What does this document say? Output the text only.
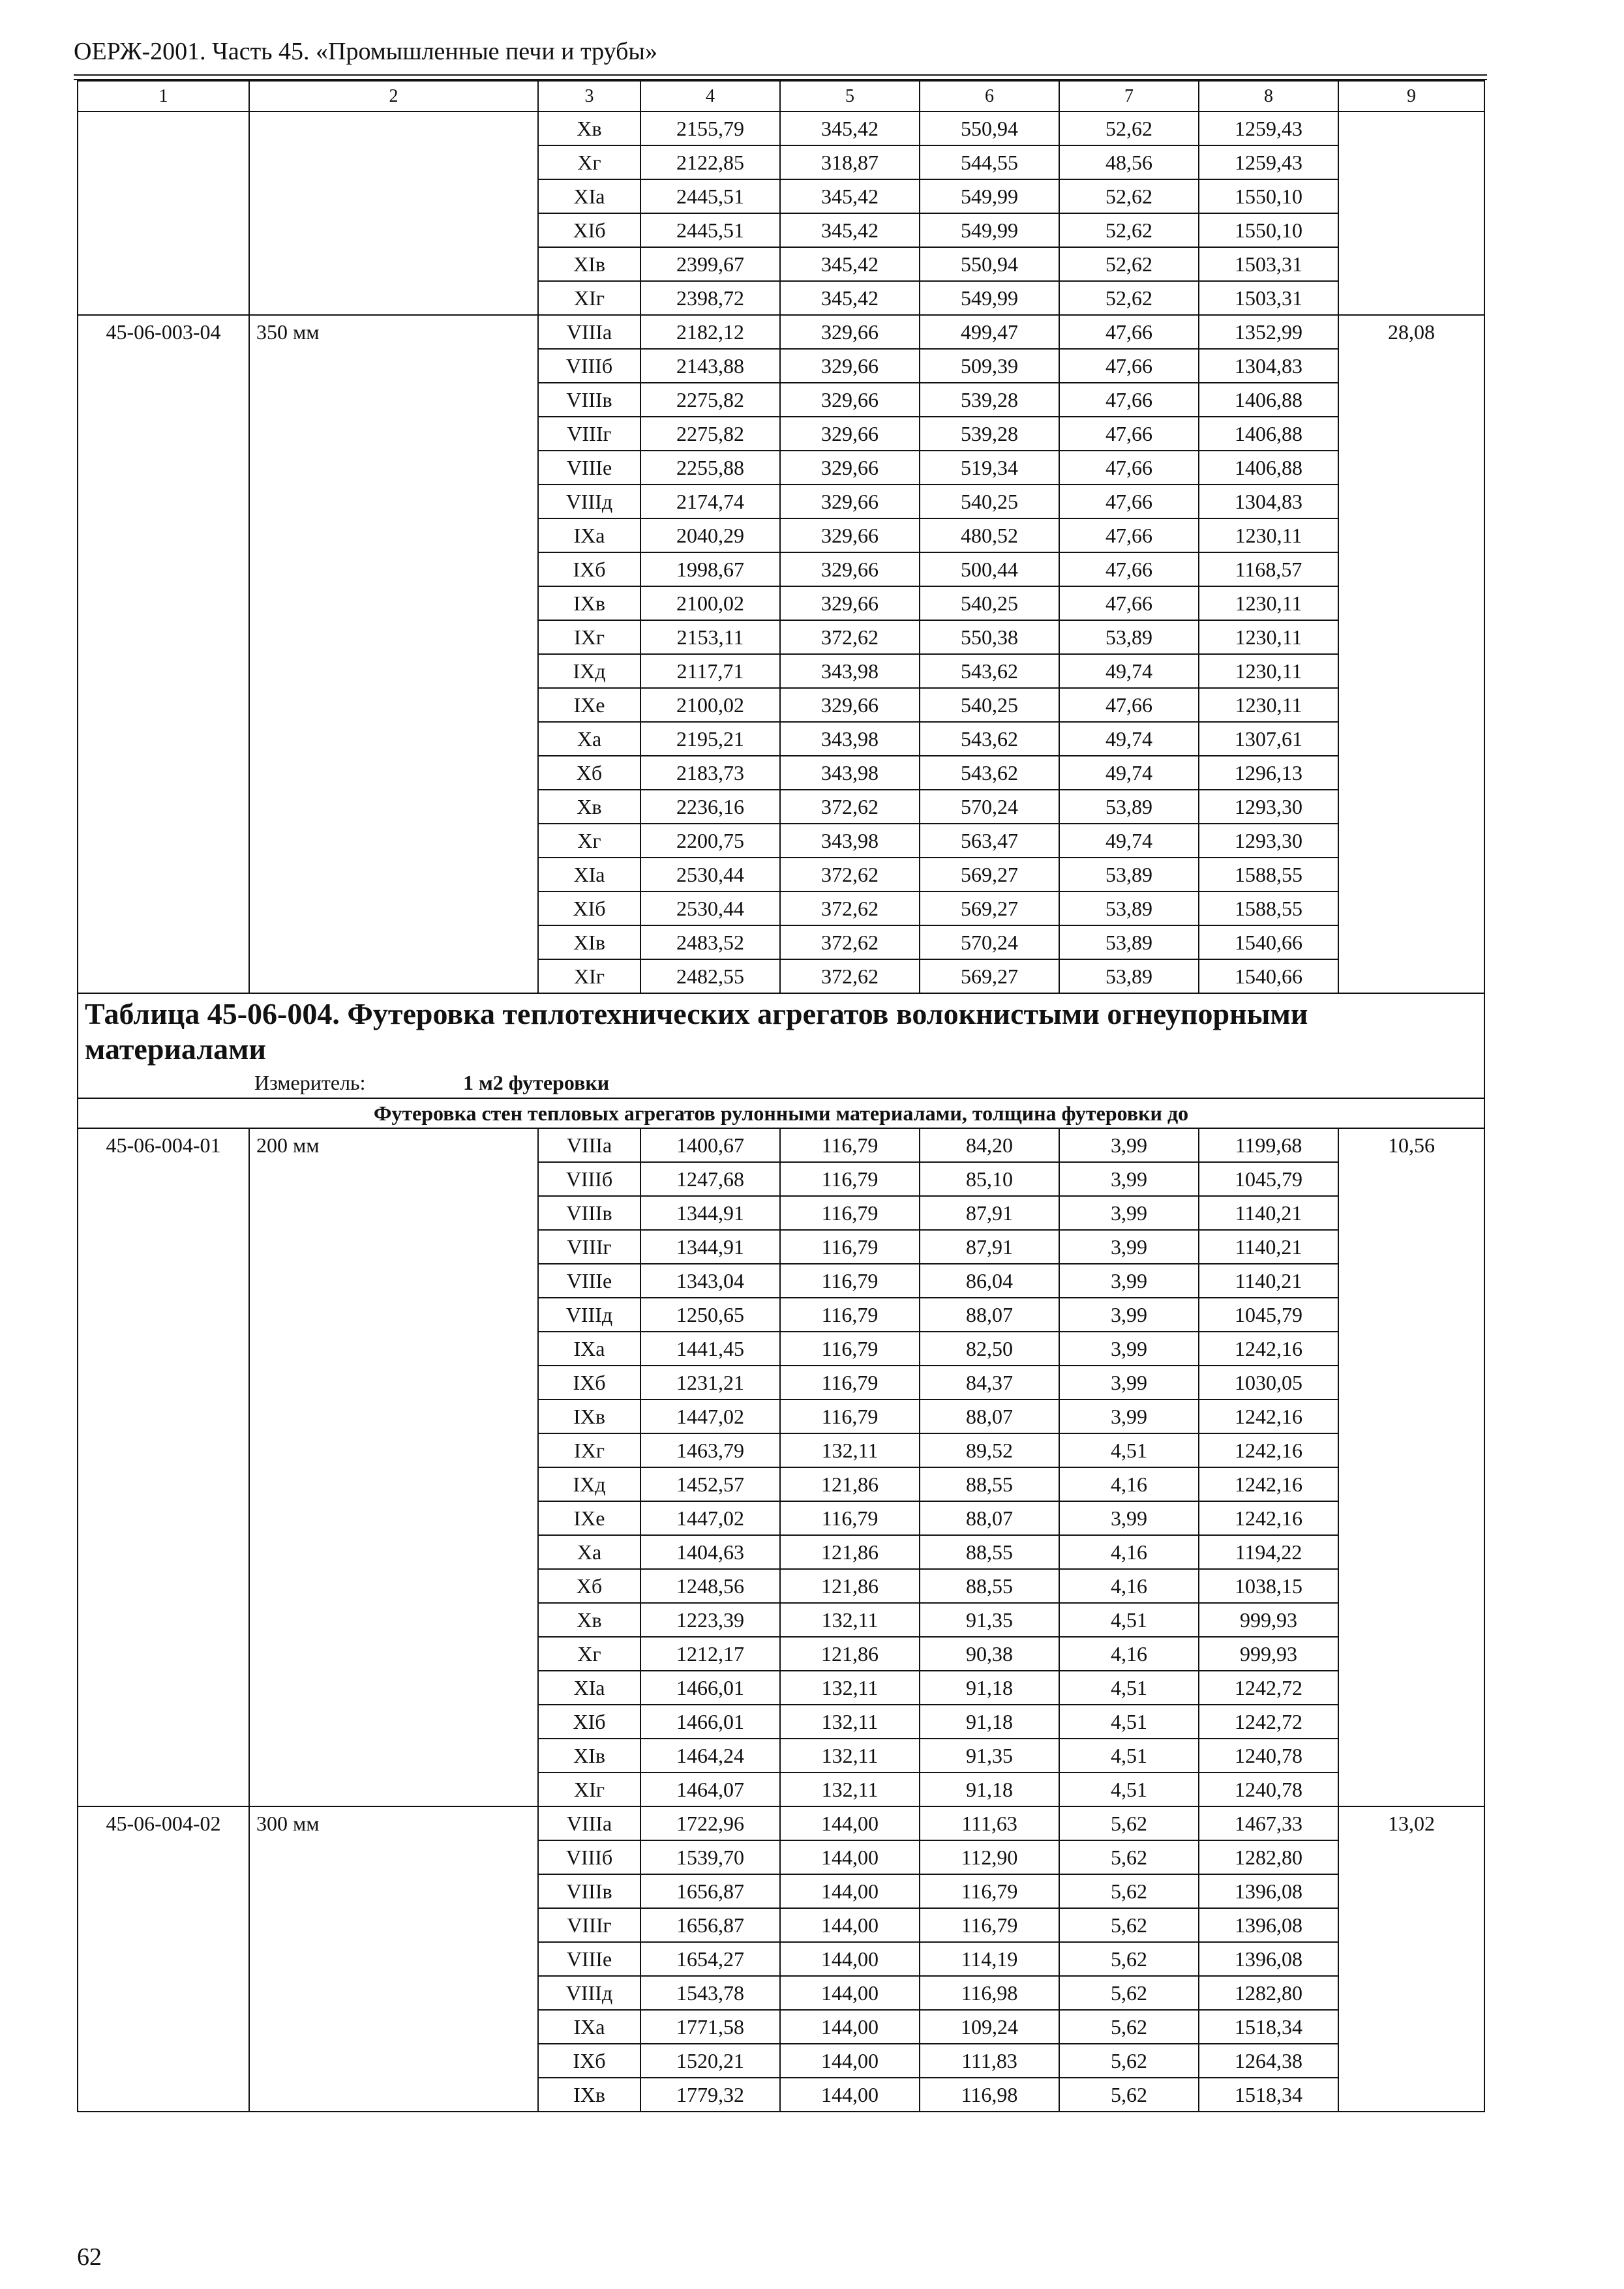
ОЕРЖ-2001. Часть 45. «Промышленные печи и трубы»
1	2	3	4	5	6	7	8	9
		Xв	2155,79	345,42	550,94	52,62	1259,43	
		Xг	2122,85	318,87	544,55	48,56	1259,43	
		XIа	2445,51	345,42	549,99	52,62	1550,10	
		XIб	2445,51	345,42	549,99	52,62	1550,10	
		XIв	2399,67	345,42	550,94	52,62	1503,31	
		XIг	2398,72	345,42	549,99	52,62	1503,31	
45-06-003-04	350 мм	VIIIа	2182,12	329,66	499,47	47,66	1352,99	28,08
		VIIIб	2143,88	329,66	509,39	47,66	1304,83	
		VIIIв	2275,82	329,66	539,28	47,66	1406,88	
		VIIIг	2275,82	329,66	539,28	47,66	1406,88	
		VIIIе	2255,88	329,66	519,34	47,66	1406,88	
		VIIIд	2174,74	329,66	540,25	47,66	1304,83	
		IXа	2040,29	329,66	480,52	47,66	1230,11	
		IXб	1998,67	329,66	500,44	47,66	1168,57	
		IXв	2100,02	329,66	540,25	47,66	1230,11	
		IXг	2153,11	372,62	550,38	53,89	1230,11	
		IXд	2117,71	343,98	543,62	49,74	1230,11	
		IXе	2100,02	329,66	540,25	47,66	1230,11	
		Xа	2195,21	343,98	543,62	49,74	1307,61	
		Xб	2183,73	343,98	543,62	49,74	1296,13	
		Xв	2236,16	372,62	570,24	53,89	1293,30	
		Xг	2200,75	343,98	563,47	49,74	1293,30	
		XIа	2530,44	372,62	569,27	53,89	1588,55	
		XIб	2530,44	372,62	569,27	53,89	1588,55	
		XIв	2483,52	372,62	570,24	53,89	1540,66	
		XIг	2482,55	372,62	569,27	53,89	1540,66	

Таблица 45-06-004. Футеровка теплотехнических агрегатов волокнистыми огнеупорными материалами
Измеритель: 1 м2 футеровки								

Футеровка стен тепловых агрегатов рулонными материалами, толщина футеровки до								
45-06-004-01	200 мм	VIIIа	1400,67	116,79	84,20	3,99	1199,68	10,56
		VIIIб	1247,68	116,79	85,10	3,99	1045,79	
		VIIIв	1344,91	116,79	87,91	3,99	1140,21	
		VIIIг	1344,91	116,79	87,91	3,99	1140,21	
		VIIIе	1343,04	116,79	86,04	3,99	1140,21	
		VIIIд	1250,65	116,79	88,07	3,99	1045,79	
		IXа	1441,45	116,79	82,50	3,99	1242,16	
		IXб	1231,21	116,79	84,37	3,99	1030,05	
		IXв	1447,02	116,79	88,07	3,99	1242,16	
		IXг	1463,79	132,11	89,52	4,51	1242,16	
		IXд	1452,57	121,86	88,55	4,16	1242,16	
		IXе	1447,02	116,79	88,07	3,99	1242,16	
		Xа	1404,63	121,86	88,55	4,16	1194,22	
		Xб	1248,56	121,86	88,55	4,16	1038,15	
		Xв	1223,39	132,11	91,35	4,51	999,93	
		Xг	1212,17	121,86	90,38	4,16	999,93	
		XIа	1466,01	132,11	91,18	4,51	1242,72	
		XIб	1466,01	132,11	91,18	4,51	1242,72	
		XIв	1464,24	132,11	91,35	4,51	1240,78	
		XIг	1464,07	132,11	91,18	4,51	1240,78	
45-06-004-02	300 мм	VIIIа	1722,96	144,00	111,63	5,62	1467,33	13,02
		VIIIб	1539,70	144,00	112,90	5,62	1282,80	
		VIIIв	1656,87	144,00	116,79	5,62	1396,08	
		VIIIг	1656,87	144,00	116,79	5,62	1396,08	
		VIIIе	1654,27	144,00	114,19	5,62	1396,08	
		VIIIд	1543,78	144,00	116,98	5,62	1282,80	
		IXа	1771,58	144,00	109,24	5,62	1518,34	
		IXб	1520,21	144,00	111,83	5,62	1264,38	
		IXв	1779,32	144,00	116,98	5,62	1518,34	
62
